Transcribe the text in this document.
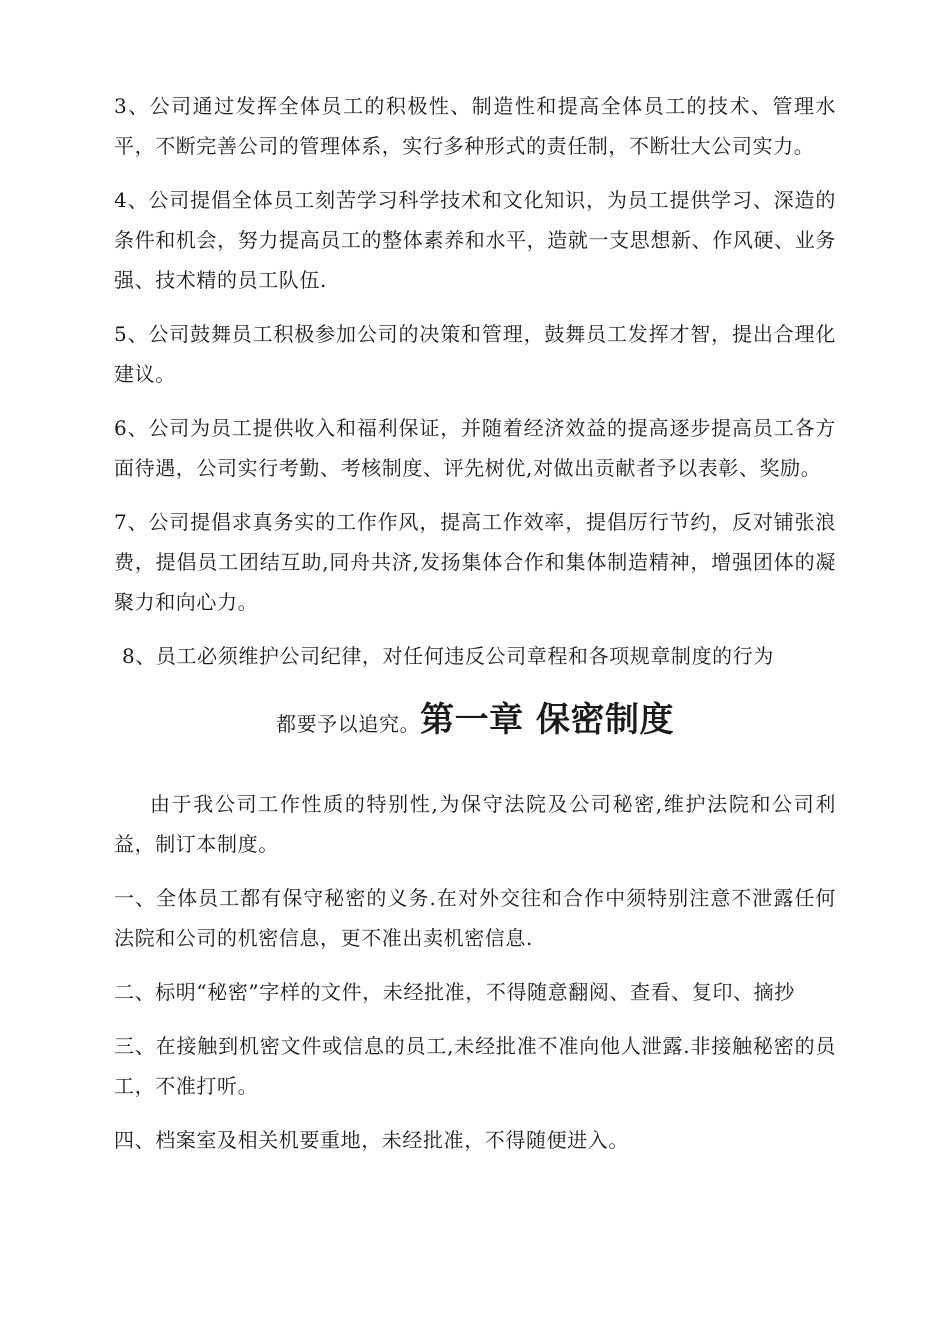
3、公司通过发挥全体员工的积极性、制造性和提高全体员工的技术、管理水平，不断完善公司的管理体系，实行多种形式的责任制，不断壮大公司实力。

4、公司提倡全体员工刻苦学习科学技术和文化知识，为员工提供学习、深造的条件和机会，努力提高员工的整体素养和水平，造就一支思想新、作风硬、业务强、技术精的员工队伍.

5、公司鼓舞员工积极参加公司的决策和管理，鼓舞员工发挥才智，提出合理化建议。

6、公司为员工提供收入和福利保证，并随着经济效益的提高逐步提高员工各方面待遇，公司实行考勤、考核制度、评先树优,对做出贡献者予以表彰、奖励。

7、公司提倡求真务实的工作作风，提高工作效率，提倡厉行节约，反对铺张浪费，提倡员工团结互助,同舟共济,发扬集体合作和集体制造精神，增强团体的凝聚力和向心力。

8、员工必须维护公司纪律，对任何违反公司章程和各项规章制度的行为

都要予以追究。第一章 保密制度

由于我公司工作性质的特别性,为保守法院及公司秘密,维护法院和公司利益，制订本制度。

一、全体员工都有保守秘密的义务.在对外交往和合作中须特别注意不泄露任何法院和公司的机密信息，更不准出卖机密信息.

二、标明“秘密”字样的文件，未经批准，不得随意翻阅、查看、复印、摘抄

三、在接触到机密文件或信息的员工,未经批准不准向他人泄露.非接触秘密的员工，不准打听。

四、档案室及相关机要重地，未经批准，不得随便进入。
